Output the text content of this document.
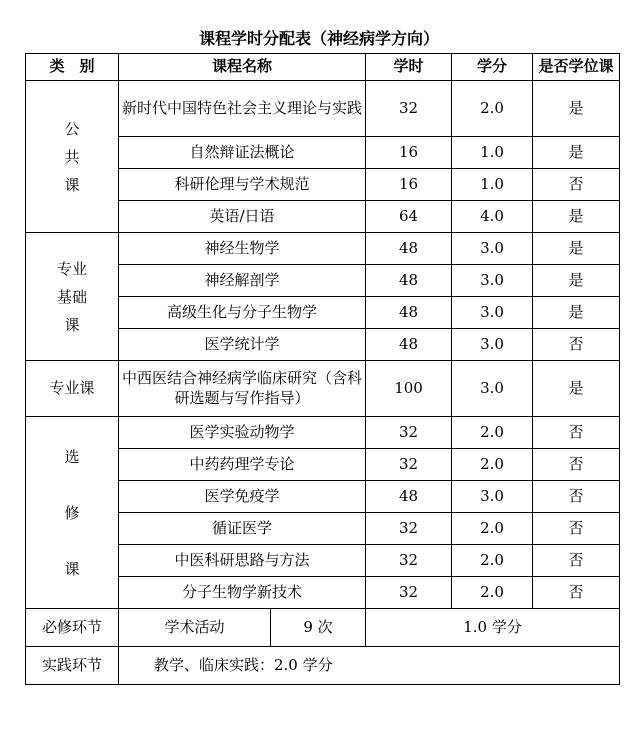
课程学时分配表（神经病学方向）
类　别	课程名称		学时	学分	是否学位课

公
共
课	新时代中国特色社会主义理论与实践		32	2.0	是
	自然辩证法概论		16	1.0	是
	科研伦理与学术规范		16	1.0	否
	英语/日语		64	4.0	是

专业
基础
课	神经生物学		48	3.0	是
	神经解剖学		48	3.0	是
	高级生化与分子生物学		48	3.0	是
	医学统计学		48	3.0	否
专业课	中西医结合神经病学临床研究（含科研选题与写作指导）		100	3.0	是

选
修
课	医学实验动物学		32	2.0	否
	中药药理学专论		32	2.0	否
	医学免疫学		48	3.0	否
	循证医学		32	2.0	否
	中医科研思路与方法		32	2.0	否
	分子生物学新技术		32	2.0	否
必修环节	学术活动	9 次	1.0 学分		
实践环节	教学、临床实践：2.0 学分				
